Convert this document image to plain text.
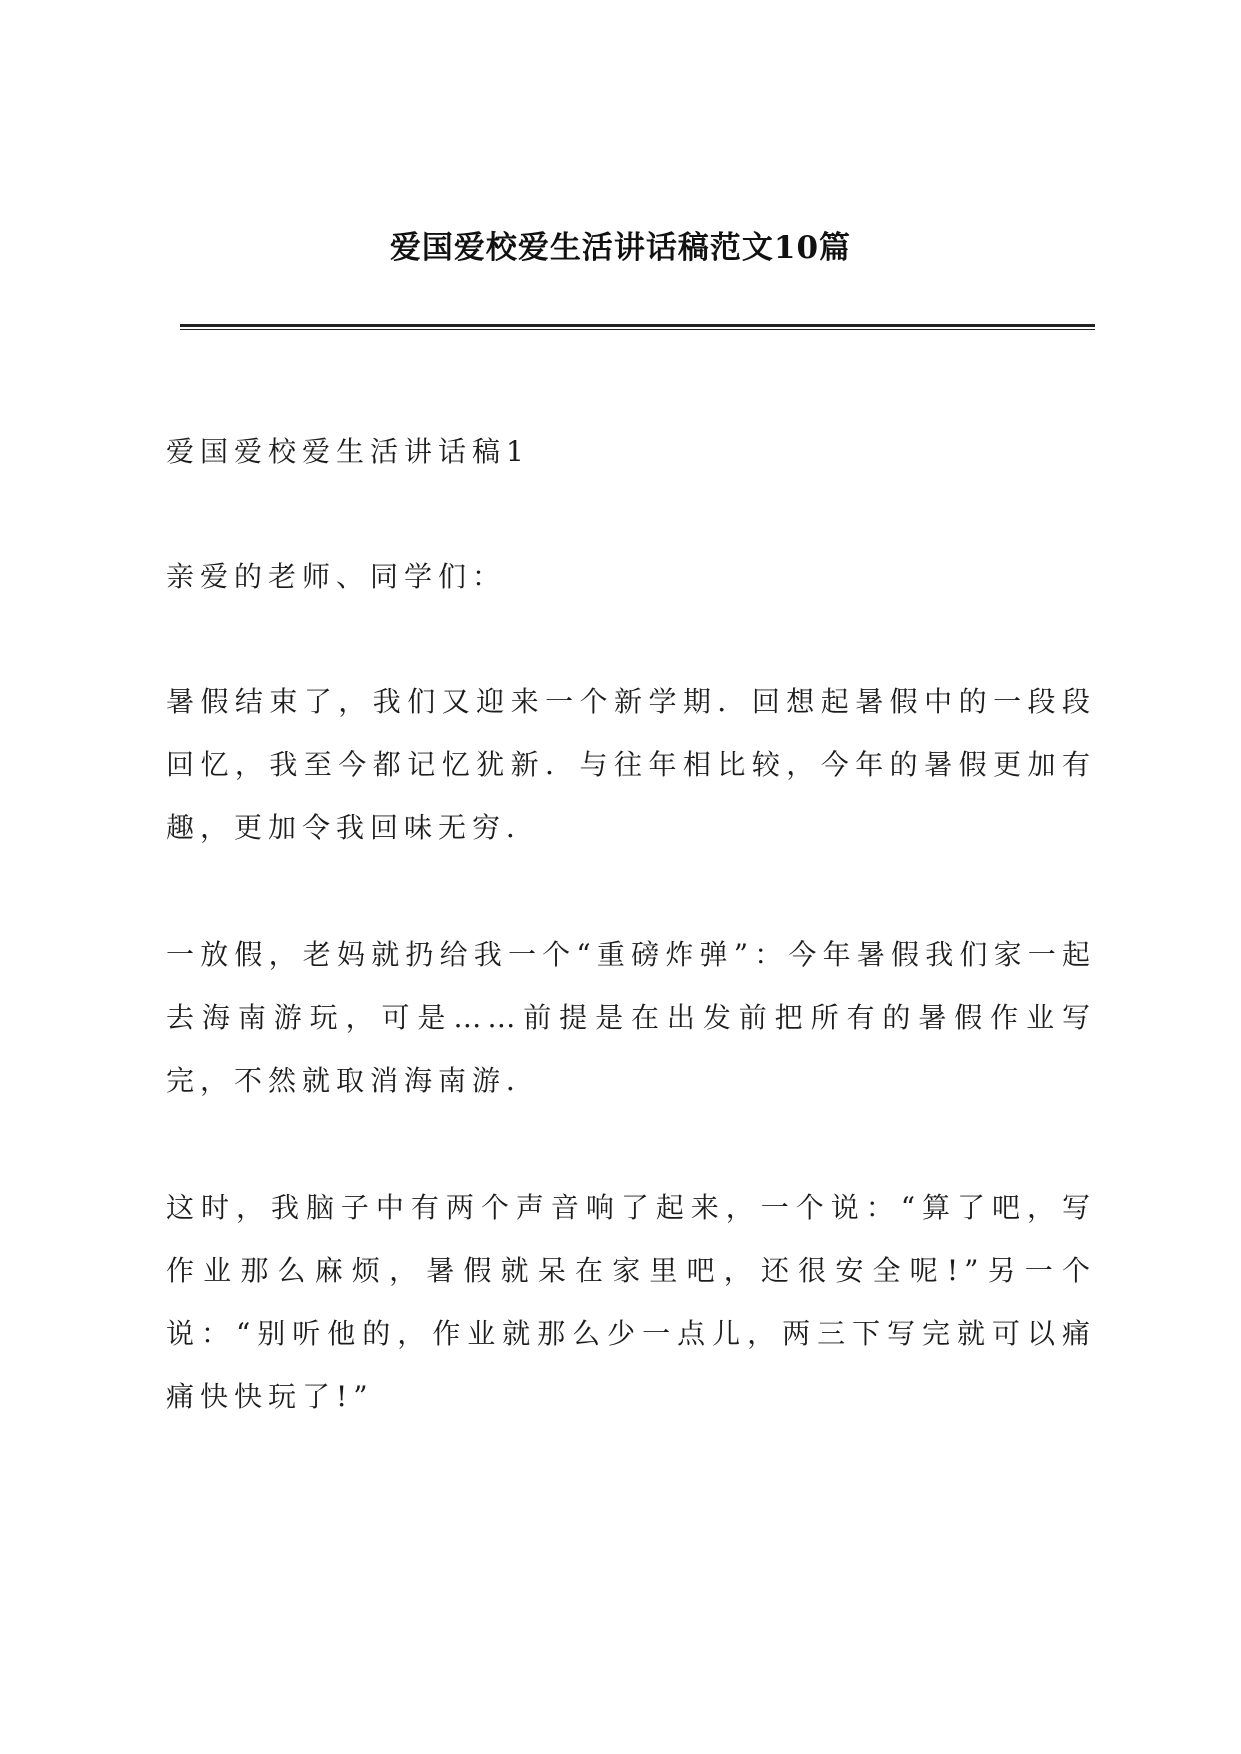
爱国爱校爱生活讲话稿范文10篇

爱国爱校爱生活讲话稿1

亲爱的老师、同学们：

暑假结束了，我们又迎来一个新学期．回想起暑假中的一段段回忆，我至今都记忆犹新．与往年相比较，今年的暑假更加有趣，更加令我回味无穷．

一放假，老妈就扔给我一个“重磅炸弹”：今年暑假我们家一起去海南游玩，可是……前提是在出发前把所有的暑假作业写完，不然就取消海南游．

这时，我脑子中有两个声音响了起来，一个说：“算了吧，写作业那么麻烦，暑假就呆在家里吧，还很安全呢!”另一个说：“别听他的，作业就那么少一点儿，两三下写完就可以痛痛快快玩了!”
